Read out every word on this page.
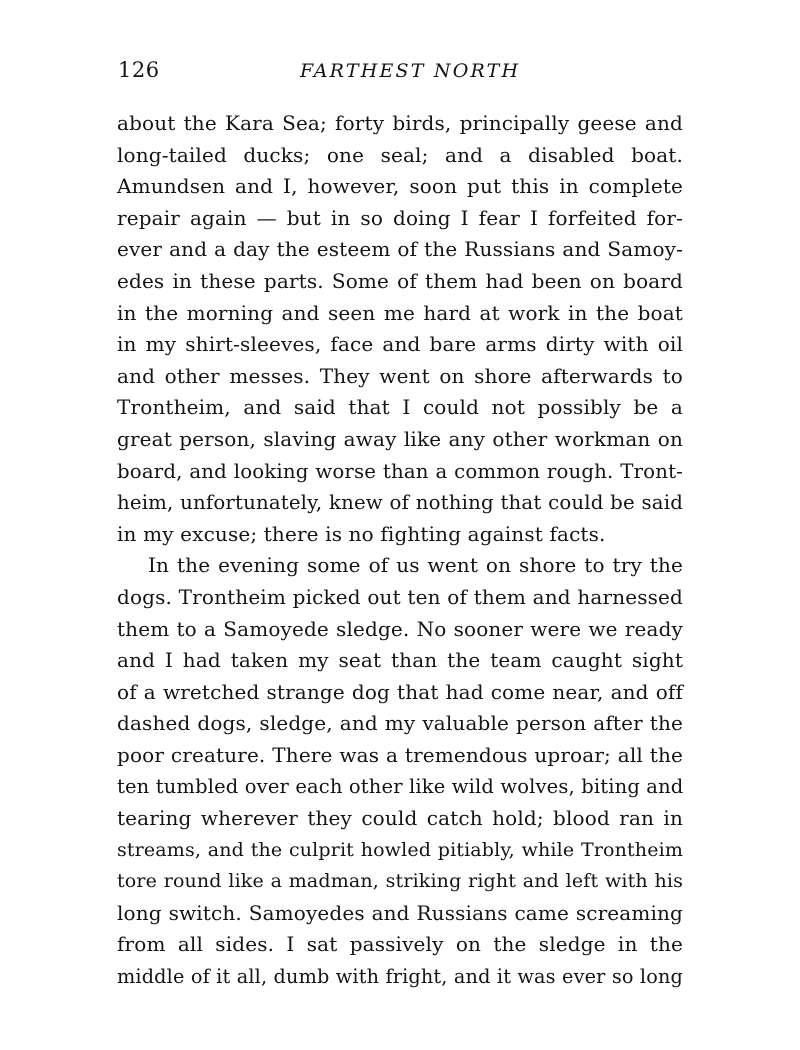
126	FARTHEST NORTH
about the Kara Sea; forty birds, principally geese and
long-tailed ducks; one seal; and a disabled boat.
Amundsen and I, however, soon put this in complete
repair again — but in so doing I fear I forfeited for-
ever and a day the esteem of the Russians and Samoy-
edes in these parts. Some of them had been on board
in the morning and seen me hard at work in the boat
in my shirt-sleeves, face and bare arms dirty with oil
and other messes. They went on shore afterwards to
Trontheim, and said that I could not possibly be a
great person, slaving away like any other workman on
board, and looking worse than a common rough. Tront-
heim, unfortunately, knew of nothing that could be said
in my excuse; there is no fighting against facts.
In the evening some of us went on shore to try the
dogs. Trontheim picked out ten of them and harnessed
them to a Samoyede sledge. No sooner were we ready
and I had taken my seat than the team caught sight
of a wretched strange dog that had come near, and off
dashed dogs, sledge, and my valuable person after the
poor creature. There was a tremendous uproar; all the
ten tumbled over each other like wild wolves, biting and
tearing wherever they could catch hold; blood ran in
streams, and the culprit howled pitiably, while Trontheim
tore round like a madman, striking right and left with his
long switch. Samoyedes and Russians came screaming
from all sides. I sat passively on the sledge in the
middle of it all, dumb with fright, and it was ever so long
